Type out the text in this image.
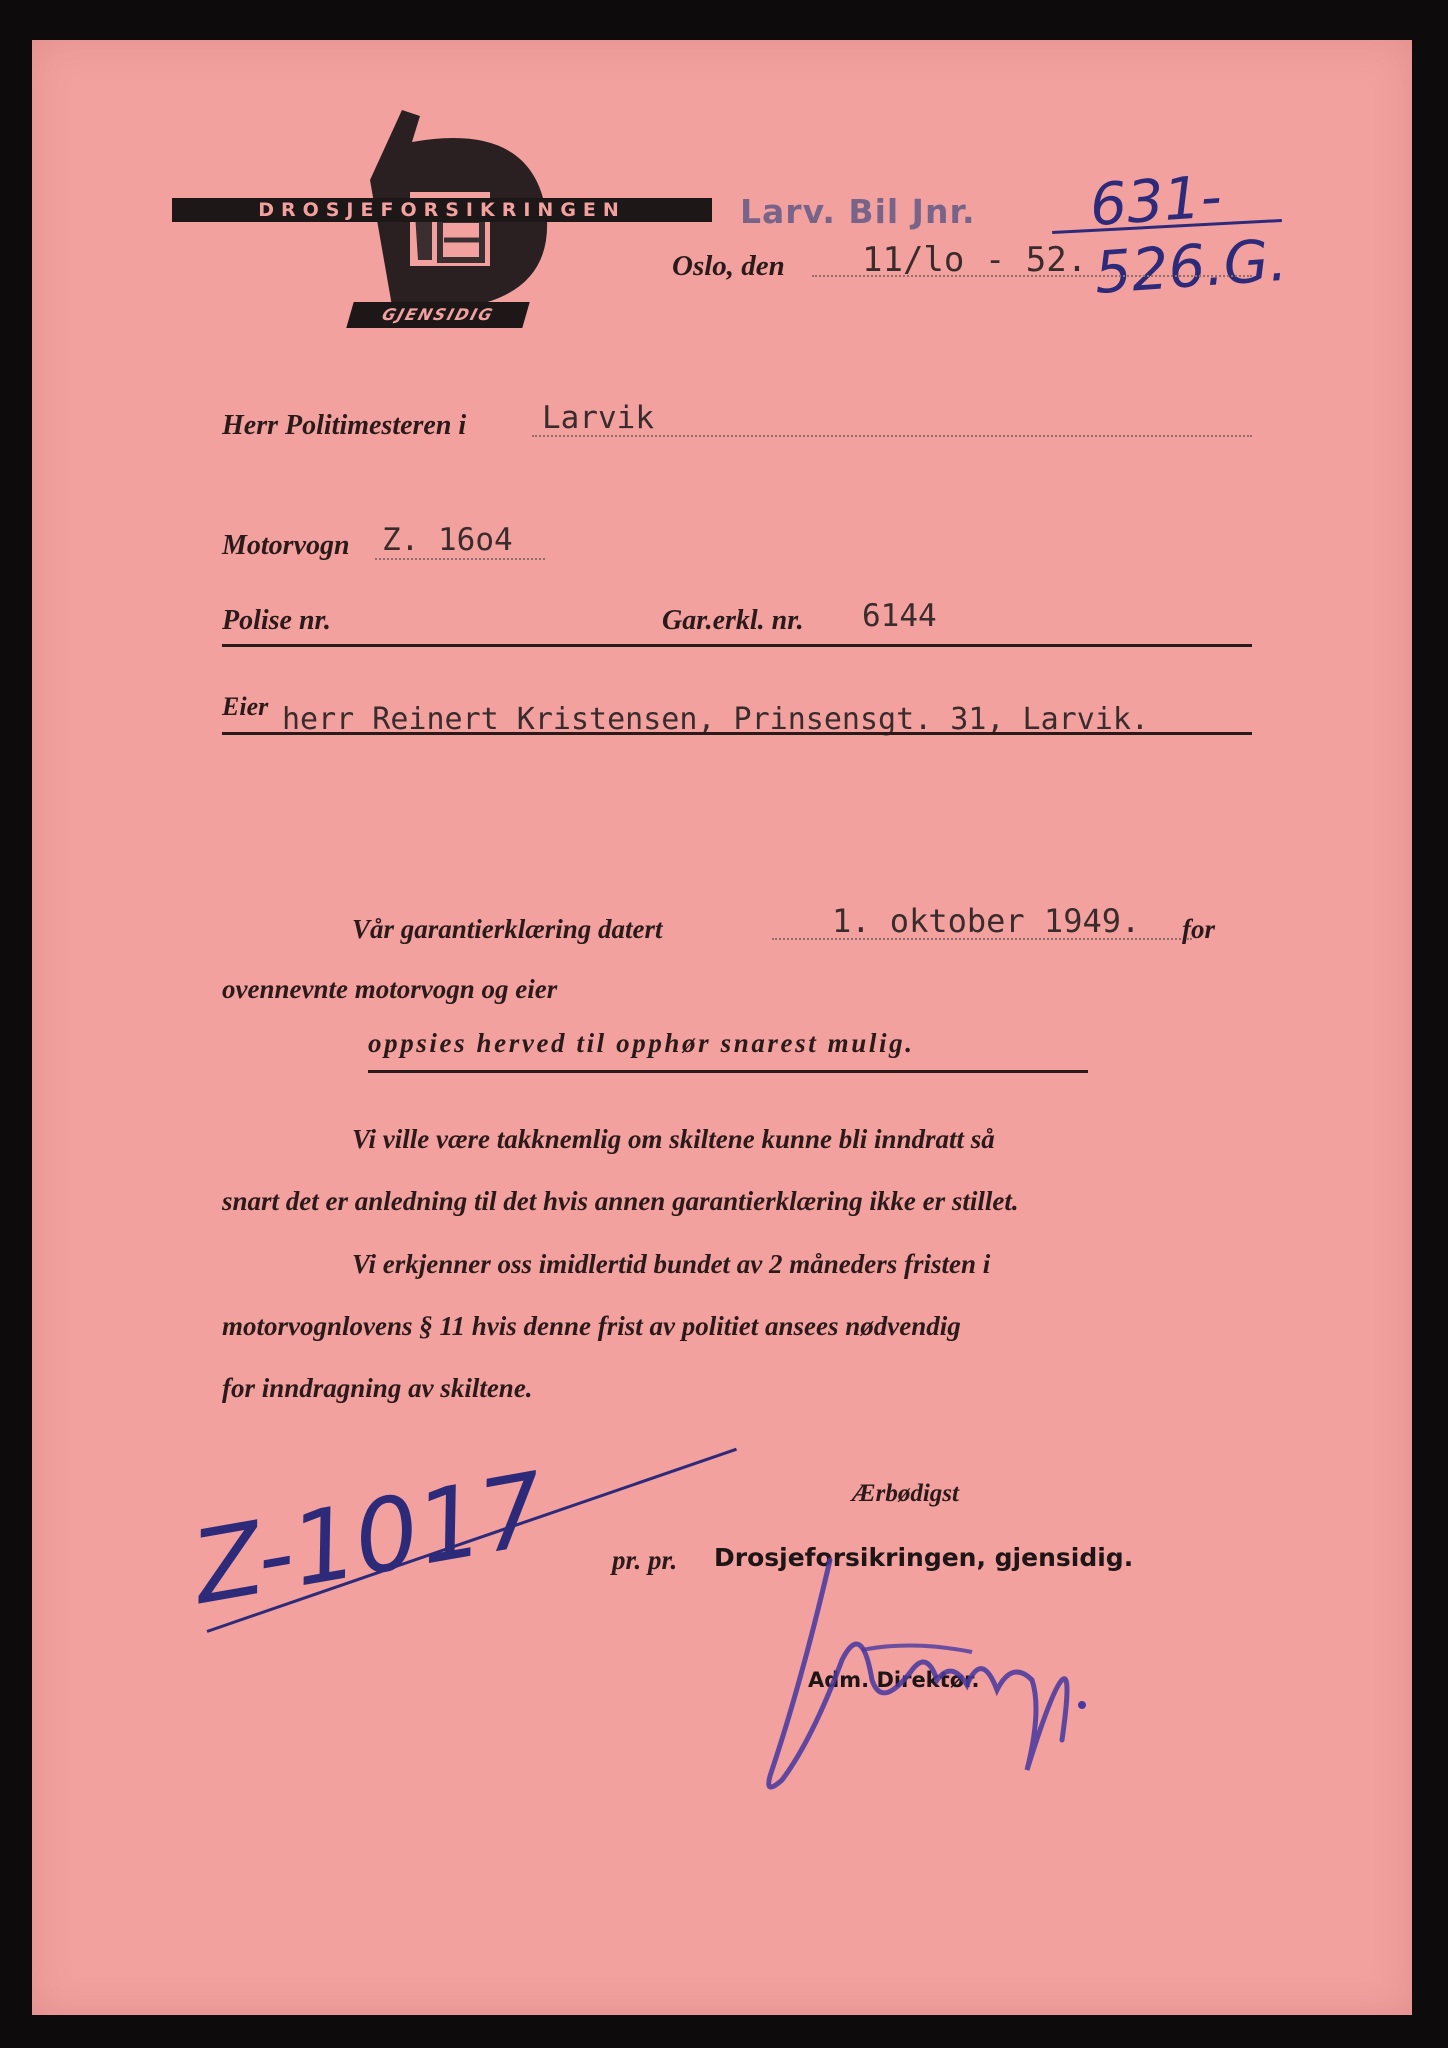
DROSJEFORSIKRINGEN
GJENSIDIG
Larv. Bil Jnr. 631-526.G.
Oslo, den 11/lo - 52.
Herr Politimesteren i Larvik
Motorvogn Z. 16o4
Polise nr.	Gar.erkl. nr. 6144
Eier herr Reinert Kristensen, Prinsensgt. 31, Larvik.
Vår garantierklæring datert	1. oktober 1949. for
ovennevnte motorvogn og eier
oppsies herved til opphør snarest mulig.
Vi ville være takknemlig om skiltene kunne bli inndratt så
snart det er anledning til det hvis annen garantierklæring ikke er stillet.
Vi erkjenner oss imidlertid bundet av 2 måneders fristen i
motorvognlovens § 11 hvis denne frist av politiet ansees nødvendig
for inndragning av skiltene.
Ærbødigst
pr. pr. Drosjeforsikringen, gjensidig.
Adm. Direktør.
Z-1017
